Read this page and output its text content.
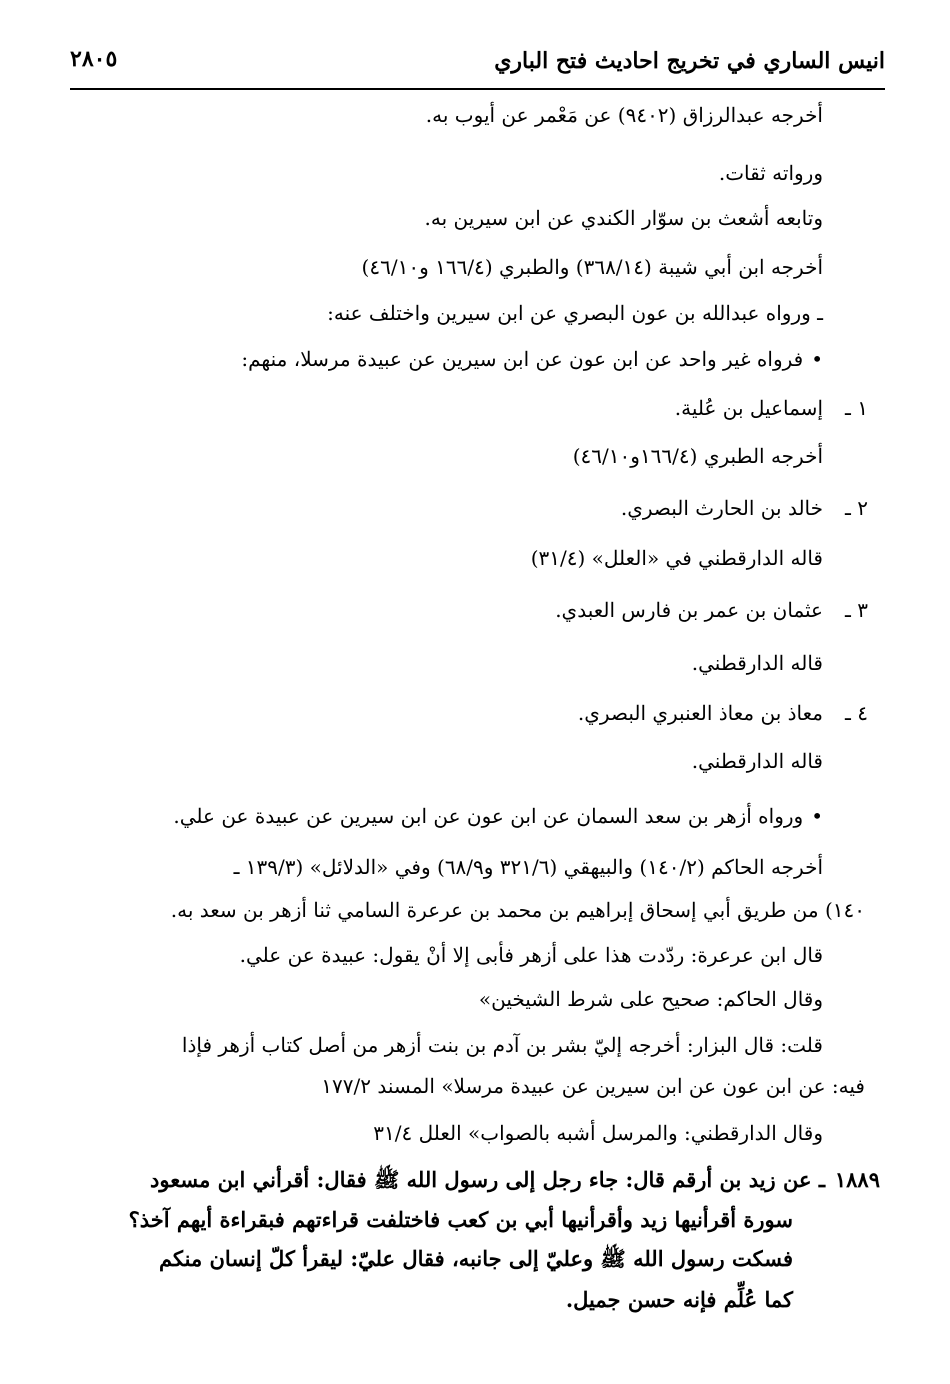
انيس الساري في تخريج احاديث فتح الباري
٢٨٠٥
أخرجه عبدالرزاق (٩٤٠٢) عن مَعْمر عن أيوب به.
ورواته ثقات.
وتابعه أشعث بن سوّار الكندي عن ابن سيرين به.
أخرجه ابن أبي شيبة (٣٦٨/١٤) والطبري (١٦٦/٤ و٤٦/١٠)
ـ ورواه عبدالله بن عون البصري عن ابن سيرين واختلف عنه:
•فرواه غير واحد عن ابن عون عن ابن سيرين عن عبيدة مرسلا، منهم:
١ ـ
إسماعيل بن عُلية.
أخرجه الطبري (١٦٦/٤و٤٦/١٠)
٢ ـ
خالد بن الحارث البصري.
قاله الدارقطني في «العلل» (٣١/٤)
٣ ـ
عثمان بن عمر بن فارس العبدي.
قاله الدارقطني.
٤ ـ
معاذ بن معاذ العنبري البصري.
قاله الدارقطني.
•ورواه أزهر بن سعد السمان عن ابن عون عن ابن سيرين عن عبيدة عن علي.
أخرجه الحاكم (١٤٠/٢) والبيهقي (٣٢١/٦ و٦٨/٩) وفي «الدلائل» (١٣٩/٣ ـ
١٤٠) من طريق أبي إسحاق إبراهيم بن محمد بن عرعرة السامي ثنا أزهر بن سعد به.
قال ابن عرعرة: ردّدت هذا على أزهر فأبى إلا أنْ يقول: عبيدة عن علي.
وقال الحاكم: صحيح على شرط الشيخين»
قلت: قال البزار: أخرجه إليّ بشر بن آدم بن بنت أزهر من أصل كتاب أزهر فإذا
فيه: عن ابن عون عن ابن سيرين عن عبيدة مرسلا» المسند ١٧٧/٢
وقال الدارقطني: والمرسل أشبه بالصواب» العلل ٣١/٤
١٨٨٩
ـ عن زيد بن أرقم قال: جاء رجل إلى رسول الله ﷺ فقال: أقرأني ابن مسعود
سورة أقرأنيها زيد وأقرأنيها أبي بن كعب فاختلفت قراءتهم فبقراءة أيهم آخذ؟
فسكت رسول الله ﷺ وعليّ إلى جانبه، فقال عليّ: ليقرأ كلّ إنسان منكم
كما عُلِّم فإنه حسن جميل.
